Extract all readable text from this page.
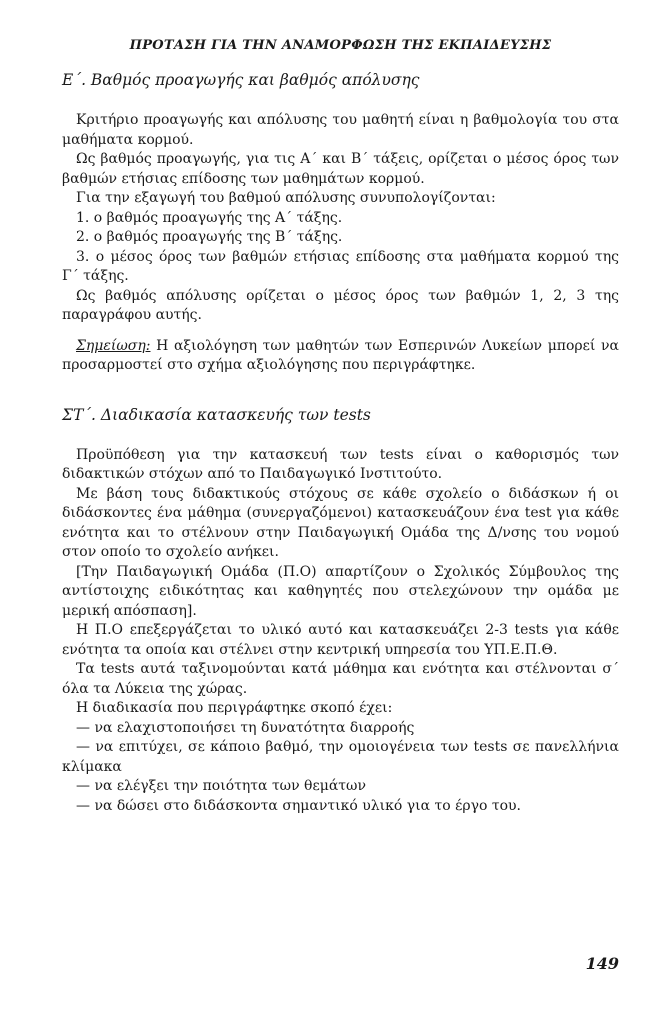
ΠΡΟΤΑΣΗ ΓΙΑ ΤΗΝ ΑΝΑΜΟΡΦΩΣΗ ΤΗΣ ΕΚΠΑΙΔΕΥΣΗΣ
Ε΄. Βαθμός προαγωγής και βαθμός απόλυσης

Κριτήριο προαγωγής και απόλυσης του μαθητή είναι η βαθμολογία του στα μαθήματα κορμού.

Ως βαθμός προαγωγής, για τις Α΄ και Β΄ τάξεις, ορίζεται ο μέσος όρος των βαθμών ετήσιας επίδοσης των μαθημάτων κορμού.

Για την εξαγωγή του βαθμού απόλυσης συνυπολογίζονται:

1. ο βαθμός προαγωγής της Α΄ τάξης.

2. ο βαθμός προαγωγής της Β΄ τάξης.

3. ο μέσος όρος των βαθμών ετήσιας επίδοσης στα μαθήματα κορμού της Γ΄ τάξης.

Ως βαθμός απόλυσης ορίζεται ο μέσος όρος των βαθμών 1, 2, 3 της παραγράφου αυτής.

Σημείωση: Η αξιολόγηση των μαθητών των Εσπερινών Λυκείων μπορεί να προσαρμοστεί στο σχήμα αξιολόγησης που περιγράφτηκε.

ΣΤ΄. Διαδικασία κατασκευής των tests

Προϋπόθεση για την κατασκευή των tests είναι ο καθορισμός των διδακτικών στόχων από το Παιδαγωγικό Ινστιτούτο.

Με βάση τους διδακτικούς στόχους σε κάθε σχολείο ο διδάσκων ή οι διδάσκοντες ένα μάθημα (συνεργαζόμενοι) κατασκευάζουν ένα test για κάθε ενότητα και το στέλνουν στην Παιδαγωγική Ομάδα της Δ/νσης του νομού στον οποίο το σχολείο ανήκει.

[Την Παιδαγωγική Ομάδα (Π.Ο) απαρτίζουν ο Σχολικός Σύμβουλος της αντίστοιχης ειδικότητας και καθηγητές που στελεχώνουν την ομάδα με μερική απόσπαση].

Η Π.Ο επεξεργάζεται το υλικό αυτό και κατασκευάζει 2-3 tests για κάθε ενότητα τα οποία και στέλνει στην κεντρική υπηρεσία του ΥΠ.Ε.Π.Θ.

Τα tests αυτά ταξινομούνται κατά μάθημα και ενότητα και στέλνονται σ΄ όλα τα Λύκεια της χώρας.

Η διαδικασία που περιγράφτηκε σκοπό έχει:

— να ελαχιστοποιήσει τη δυνατότητα διαρροής

— να επιτύχει, σε κάποιο βαθμό, την ομοιογένεια των tests σε πανελλήνια κλίμακα

— να ελέγξει την ποιότητα των θεμάτων

— να δώσει στο διδάσκοντα σημαντικό υλικό για το έργο του.

149
